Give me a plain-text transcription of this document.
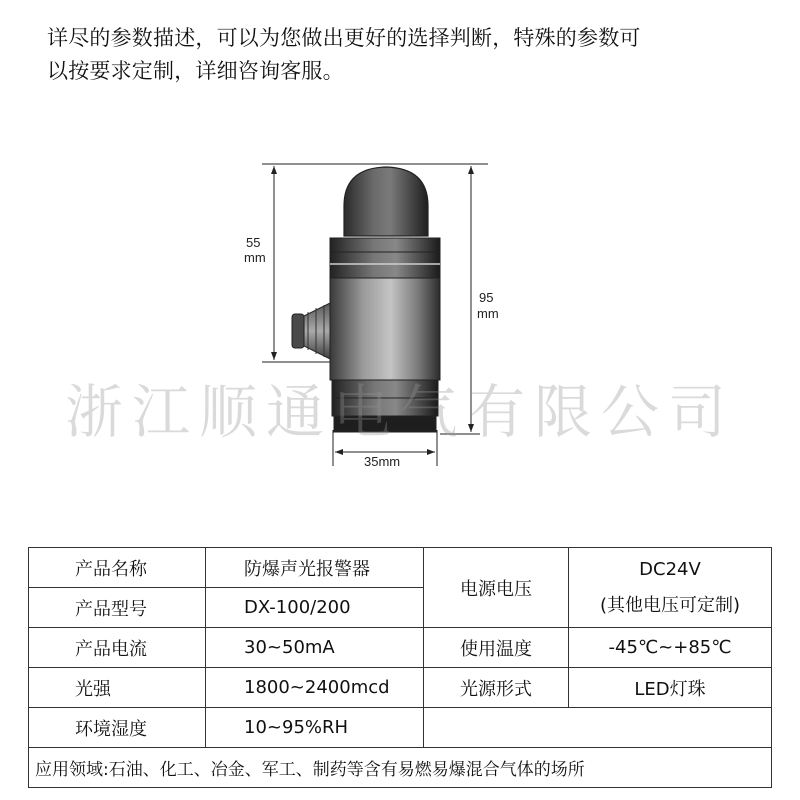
详尽的参数描述，可以为您做出更好的选择判断，特殊的参数可
以按要求定制，详细咨询客服。
55
mm
95
mm
35mm
浙江顺通电气有限公司
产品名称	防爆声光报警器	电源电压	DC24V
(其他电压可定制)

产品型号	DX-100/200		
产品电流	30~50mA	使用温度	-45℃~+85℃
光强	1800~2400mcd	光源形式	LED灯珠
环境湿度	10~95%RH		
应用领域:石油、化工、冶金、军工、制药等含有易燃易爆混合气体的场所			
